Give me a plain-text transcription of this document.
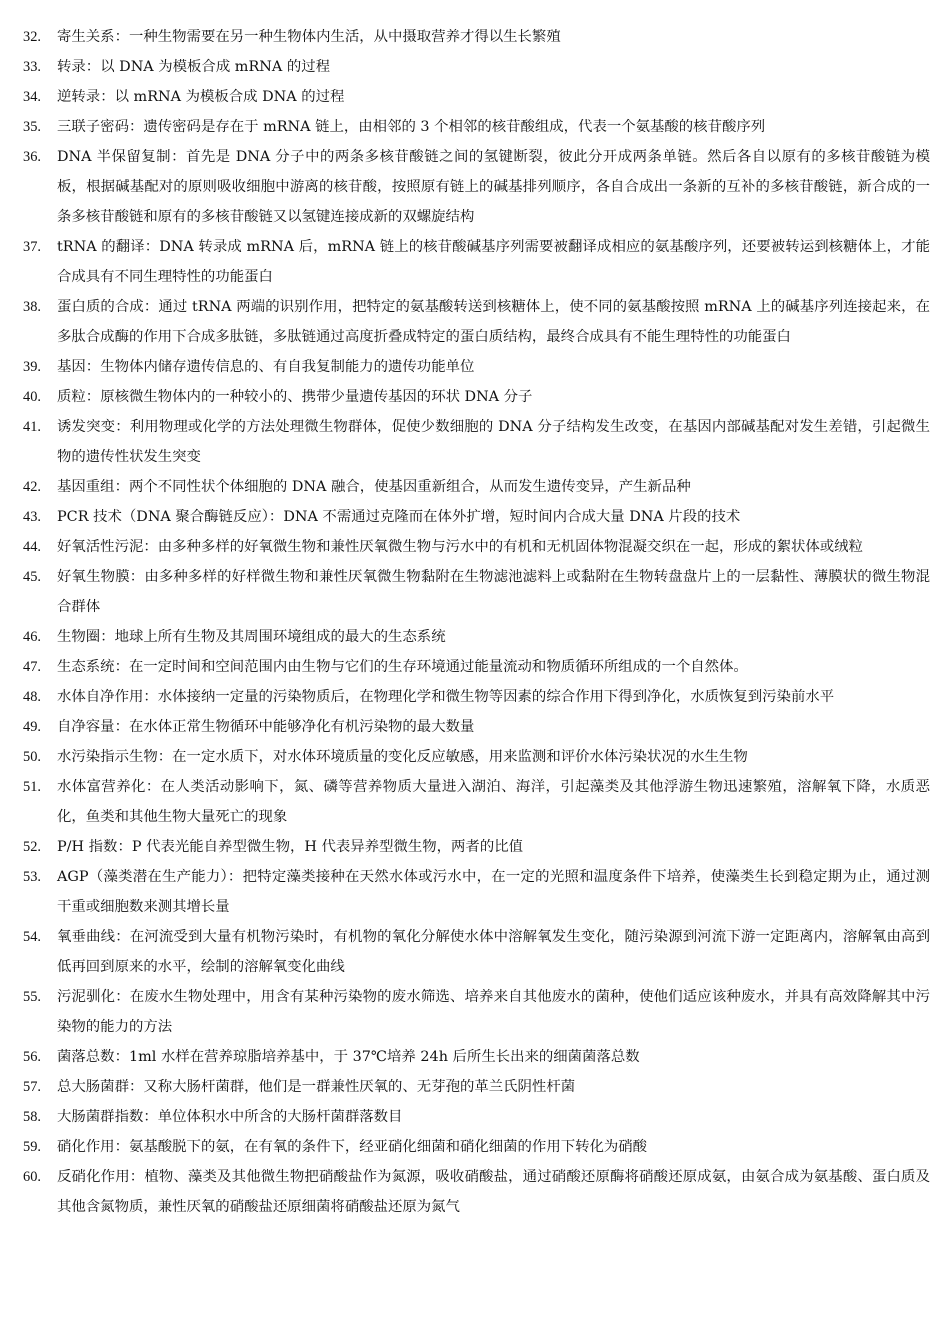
32.	寄生关系：一种生物需要在另一种生物体内生活，从中摄取营养才得以生长繁殖
33.	转录：以 DNA 为模板合成 mRNA 的过程
34.	逆转录：以 mRNA 为模板合成 DNA 的过程
35.	三联子密码：遗传密码是存在于 mRNA 链上，由相邻的 3 个相邻的核苷酸组成，代表一个氨基酸的核苷酸序列
36.	DNA 半保留复制：首先是 DNA 分子中的两条多核苷酸链之间的氢键断裂，彼此分开成两条单链。然后各自以原有的多核苷酸链为模板，根据碱基配对的原则吸收细胞中游离的核苷酸，按照原有链上的碱基排列顺序，各自合成出一条新的互补的多核苷酸链，新合成的一条多核苷酸链和原有的多核苷酸链又以氢键连接成新的双螺旋结构
37.	tRNA 的翻译：DNA 转录成 mRNA 后，mRNA 链上的核苷酸碱基序列需要被翻译成相应的氨基酸序列，还要被转运到核糖体上，才能合成具有不同生理特性的功能蛋白
38.	蛋白质的合成：通过 tRNA 两端的识别作用，把特定的氨基酸转送到核糖体上，使不同的氨基酸按照 mRNA 上的碱基序列连接起来，在多肽合成酶的作用下合成多肽链，多肽链通过高度折叠成特定的蛋白质结构，最终合成具有不能生理特性的功能蛋白
39.	基因：生物体内储存遗传信息的、有自我复制能力的遗传功能单位
40.	质粒：原核微生物体内的一种较小的、携带少量遗传基因的环状 DNA 分子
41.	诱发突变：利用物理或化学的方法处理微生物群体，促使少数细胞的 DNA 分子结构发生改变，在基因内部碱基配对发生差错，引起微生物的遗传性状发生突变
42.	基因重组：两个不同性状个体细胞的 DNA 融合，使基因重新组合，从而发生遗传变异，产生新品种
43.	PCR 技术（DNA 聚合酶链反应）：DNA 不需通过克隆而在体外扩增，短时间内合成大量 DNA 片段的技术
44.	好氧活性污泥：由多种多样的好氧微生物和兼性厌氧微生物与污水中的有机和无机固体物混凝交织在一起，形成的絮状体或绒粒
45.	好氧生物膜：由多种多样的好样微生物和兼性厌氧微生物黏附在生物滤池滤料上或黏附在生物转盘盘片上的一层黏性、薄膜状的微生物混合群体
46.	生物圈：地球上所有生物及其周围环境组成的最大的生态系统
47.	生态系统：在一定时间和空间范围内由生物与它们的生存环境通过能量流动和物质循环所组成的一个自然体。
48.	水体自净作用：水体接纳一定量的污染物质后，在物理化学和微生物等因素的综合作用下得到净化，水质恢复到污染前水平
49.	自净容量：在水体正常生物循环中能够净化有机污染物的最大数量
50.	水污染指示生物：在一定水质下，对水体环境质量的变化反应敏感，用来监测和评价水体污染状况的水生生物
51.	水体富营养化：在人类活动影响下，氮、磷等营养物质大量进入湖泊、海洋，引起藻类及其他浮游生物迅速繁殖，溶解氧下降，水质恶化，鱼类和其他生物大量死亡的现象
52.	P/H 指数：P 代表光能自养型微生物，H 代表异养型微生物，两者的比值
53.	AGP（藻类潜在生产能力）：把特定藻类接种在天然水体或污水中，在一定的光照和温度条件下培养，使藻类生长到稳定期为止，通过测干重或细胞数来测其增长量
54.	氧垂曲线：在河流受到大量有机物污染时，有机物的氧化分解使水体中溶解氧发生变化，随污染源到河流下游一定距离内，溶解氧由高到低再回到原来的水平，绘制的溶解氧变化曲线
55.	污泥驯化：在废水生物处理中，用含有某种污染物的废水筛选、培养来自其他废水的菌种，使他们适应该种废水，并具有高效降解其中污染物的能力的方法
56.	菌落总数：1ml 水样在营养琼脂培养基中，于 37℃培养 24h 后所生长出来的细菌菌落总数
57.	总大肠菌群：又称大肠杆菌群，他们是一群兼性厌氧的、无芽孢的革兰氏阴性杆菌
58.	大肠菌群指数：单位体积水中所含的大肠杆菌群落数目
59.	硝化作用：氨基酸脱下的氨，在有氧的条件下，经亚硝化细菌和硝化细菌的作用下转化为硝酸
60.	反硝化作用：植物、藻类及其他微生物把硝酸盐作为氮源，吸收硝酸盐，通过硝酸还原酶将硝酸还原成氨，由氨合成为氨基酸、蛋白质及其他含氮物质，兼性厌氧的硝酸盐还原细菌将硝酸盐还原为氮气
